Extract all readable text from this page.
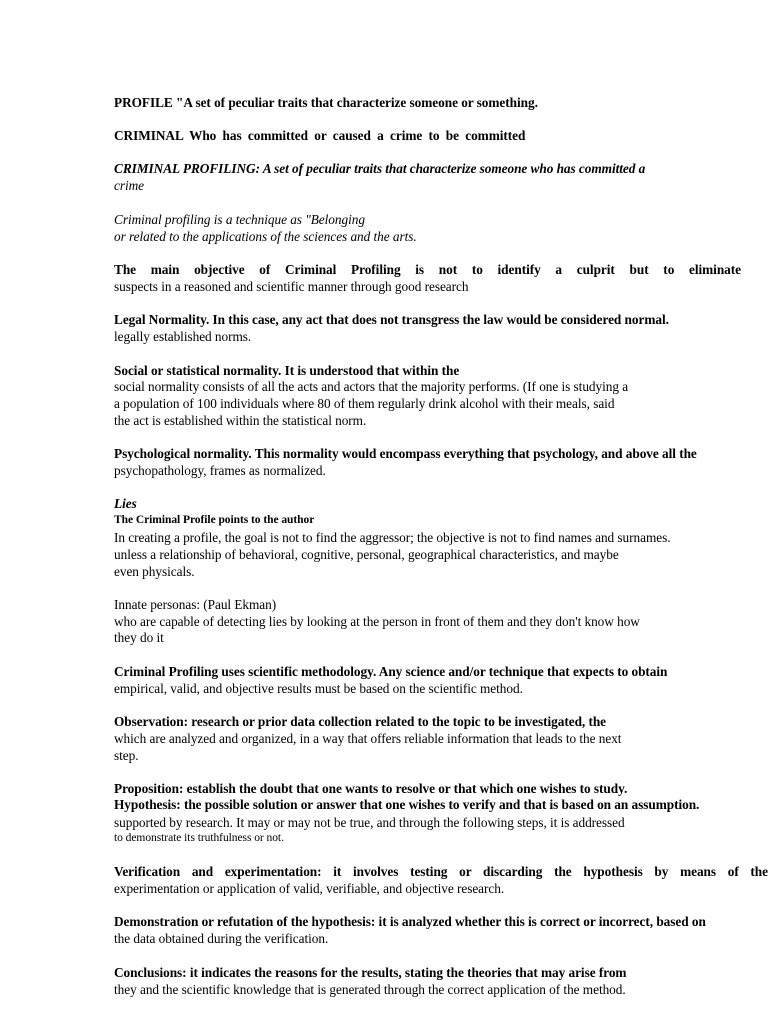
PROFILE "A set of peculiar traits that characterize someone or something.

CRIMINAL Who has committed or caused a crime to be committed

CRIMINAL PROFILING: A set of peculiar traits that characterize someone who has committed a

crime

Criminal profiling is a technique as "Belonging

or related to the applications of the sciences and the arts.

The main objective of Criminal Profiling is not to identify a culprit but to eliminate

suspects in a reasoned and scientific manner through good research

Legal Normality. In this case, any act that does not transgress the law would be considered normal.

legally established norms.

Social or statistical normality. It is understood that within the

social normality consists of all the acts and actors that the majority performs. (If one is studying a

a population of 100 individuals where 80 of them regularly drink alcohol with their meals, said

the act is established within the statistical norm.

Psychological normality. This normality would encompass everything that psychology, and above all the

psychopathology, frames as normalized.

Lies

The Criminal Profile points to the author

In creating a profile, the goal is not to find the aggressor; the objective is not to find names and surnames.

unless a relationship of behavioral, cognitive, personal, geographical characteristics, and maybe

even physicals.

Innate personas: (Paul Ekman)

who are capable of detecting lies by looking at the person in front of them and they don't know how

they do it

Criminal Profiling uses scientific methodology. Any science and/or technique that expects to obtain

empirical, valid, and objective results must be based on the scientific method.

Observation: research or prior data collection related to the topic to be investigated, the

which are analyzed and organized, in a way that offers reliable information that leads to the next

step.

Proposition: establish the doubt that one wants to resolve or that which one wishes to study.

Hypothesis: the possible solution or answer that one wishes to verify and that is based on an assumption.

supported by research. It may or may not be true, and through the following steps, it is addressed

to demonstrate its truthfulness or not.

Verification and experimentation: it involves testing or discarding the hypothesis by means of the

experimentation or application of valid, verifiable, and objective research.

Demonstration or refutation of the hypothesis: it is analyzed whether this is correct or incorrect, based on

the data obtained during the verification.

Conclusions: it indicates the reasons for the results, stating the theories that may arise from

they and the scientific knowledge that is generated through the correct application of the method.
